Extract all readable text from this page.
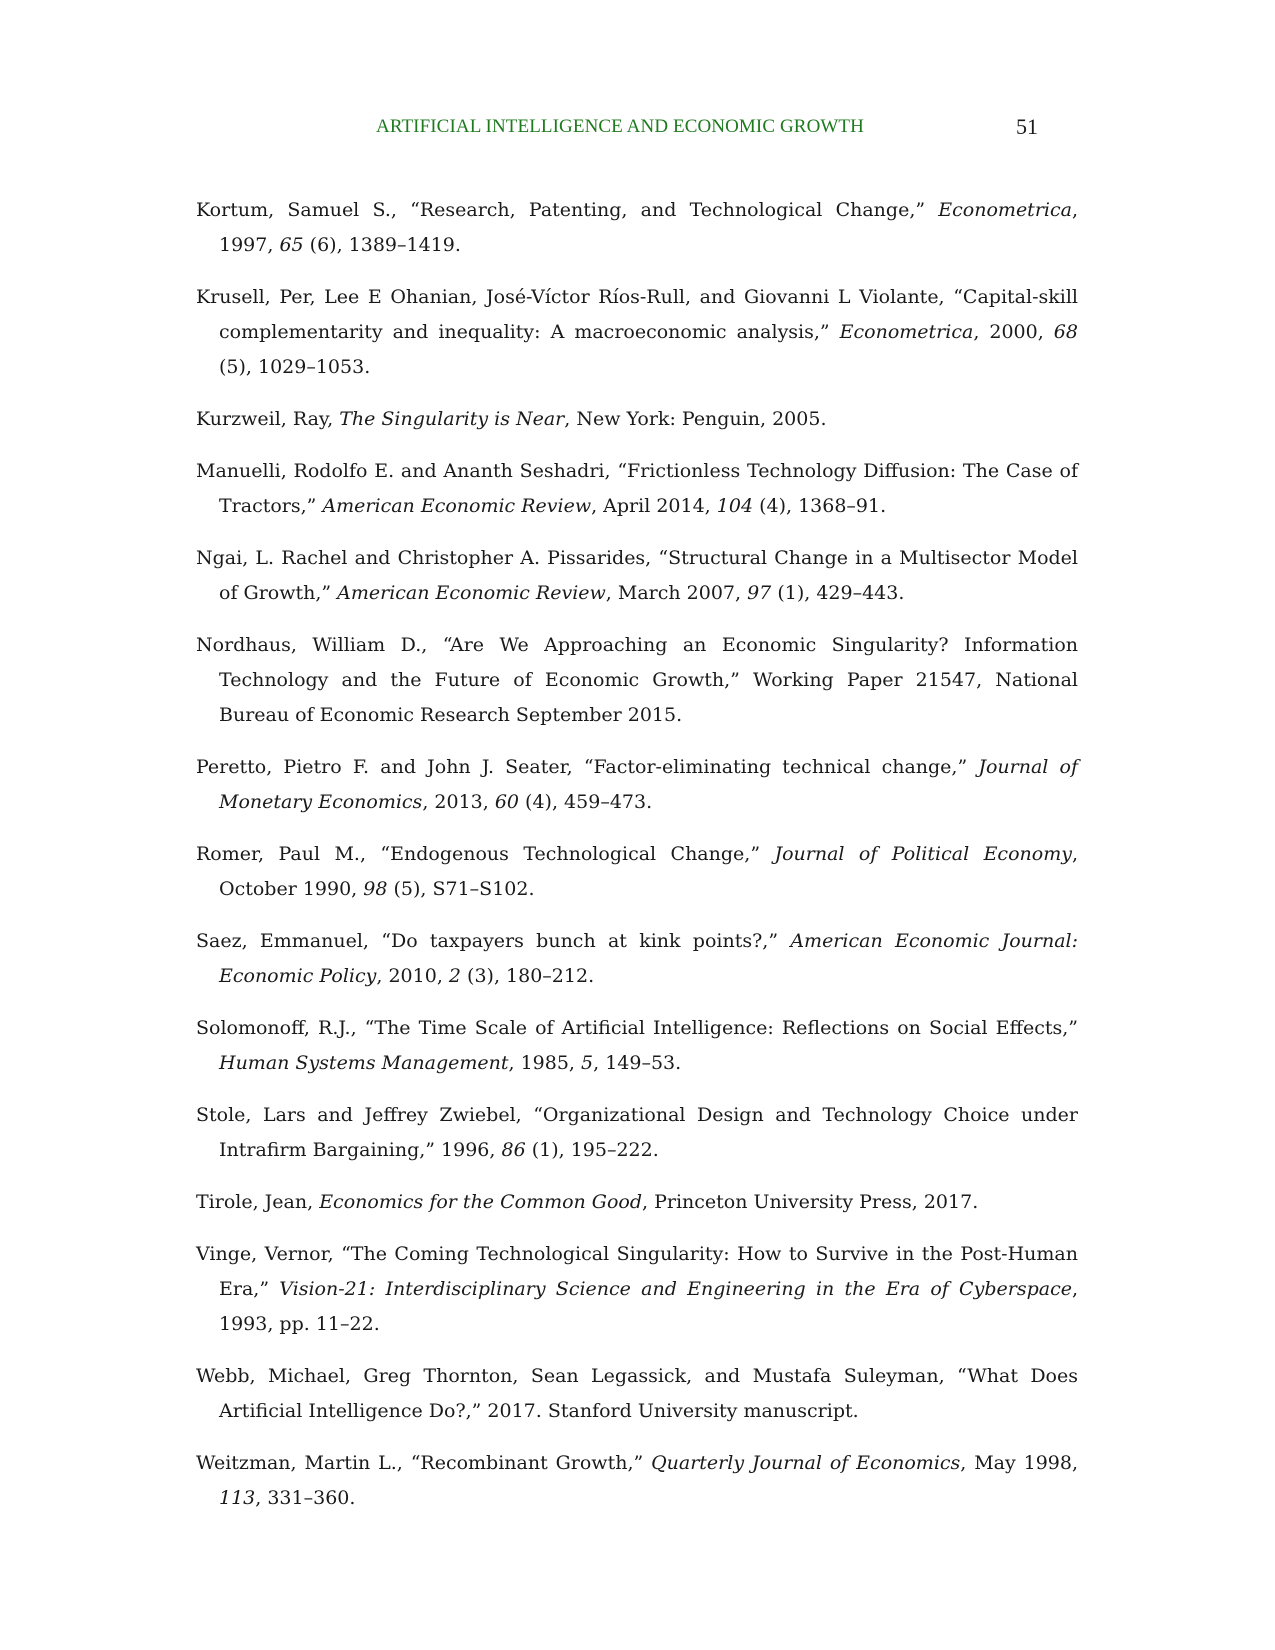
ARTIFICIAL INTELLIGENCE AND ECONOMIC GROWTH	51
Kortum, Samuel S., “Research, Patenting, and Technological Change,” Econometrica, 1997, 65 (6), 1389–1419.
Krusell, Per, Lee E Ohanian, José-Víctor Ríos-Rull, and Giovanni L Violante, “Capital-skill complementarity and inequality: A macroeconomic analysis,” Econometrica, 2000, 68 (5), 1029–1053.
Kurzweil, Ray, The Singularity is Near, New York: Penguin, 2005.
Manuelli, Rodolfo E. and Ananth Seshadri, “Frictionless Technology Diffusion: The Case of Tractors,” American Economic Review, April 2014, 104 (4), 1368–91.
Ngai, L. Rachel and Christopher A. Pissarides, “Structural Change in a Multisector Model of Growth,” American Economic Review, March 2007, 97 (1), 429–443.
Nordhaus, William D., “Are We Approaching an Economic Singularity? Information Technology and the Future of Economic Growth,” Working Paper 21547, National Bureau of Economic Research September 2015.
Peretto, Pietro F. and John J. Seater, “Factor-eliminating technical change,” Journal of Monetary Economics, 2013, 60 (4), 459–473.
Romer, Paul M., “Endogenous Technological Change,” Journal of Political Economy, October 1990, 98 (5), S71–S102.
Saez, Emmanuel, “Do taxpayers bunch at kink points?,” American Economic Journal: Economic Policy, 2010, 2 (3), 180–212.
Solomonoff, R.J., “The Time Scale of Artificial Intelligence: Reflections on Social Effects,” Human Systems Management, 1985, 5, 149–53.
Stole, Lars and Jeffrey Zwiebel, “Organizational Design and Technology Choice under Intrafirm Bargaining,” 1996, 86 (1), 195–222.
Tirole, Jean, Economics for the Common Good, Princeton University Press, 2017.
Vinge, Vernor, “The Coming Technological Singularity: How to Survive in the Post-Human Era,” Vision-21: Interdisciplinary Science and Engineering in the Era of Cyberspace, 1993, pp. 11–22.
Webb, Michael, Greg Thornton, Sean Legassick, and Mustafa Suleyman, “What Does Artificial Intelligence Do?,” 2017. Stanford University manuscript.
Weitzman, Martin L., “Recombinant Growth,” Quarterly Journal of Economics, May 1998, 113, 331–360.
